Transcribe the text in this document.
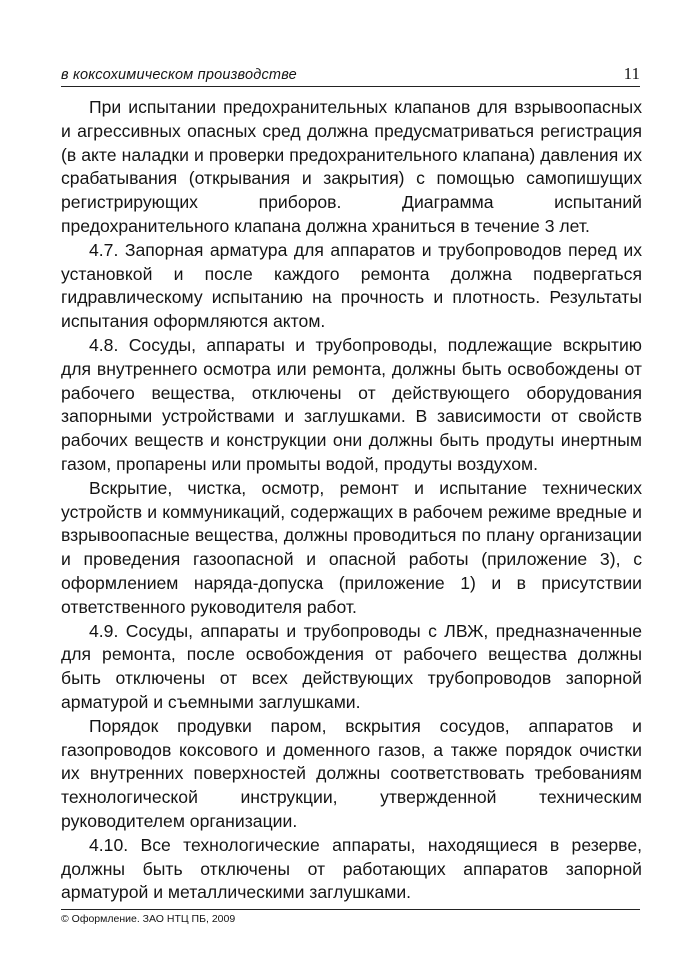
в коксохимическом производстве	11

При испытании предохранительных клапанов для взрывоопасных и агрессивных опасных сред должна предусматриваться регистрация (в акте наладки и проверки предохранительного клапана) давления их срабатывания (открывания и закрытия) с помощью самопишущих регистрирующих приборов. Диаграмма испытаний предохранительного клапана должна храниться в течение 3 лет.

4.7. Запорная арматура для аппаратов и трубопроводов перед их установкой и после каждого ремонта должна подвергаться гидравлическому испытанию на прочность и плотность. Результаты испытания оформляются актом.

4.8. Сосуды, аппараты и трубопроводы, подлежащие вскрытию для внутреннего осмотра или ремонта, должны быть освобождены от рабочего вещества, отключены от действующего оборудования запорными устройствами и заглушками. В зависимости от свойств рабочих веществ и конструкции они должны быть продуты инертным газом, пропарены или промыты водой, продуты воздухом.

Вскрытие, чистка, осмотр, ремонт и испытание технических устройств и коммуникаций, содержащих в рабочем режиме вредные и взрывоопасные вещества, должны проводиться по плану организации и проведения газоопасной и опасной работы (приложение 3), с оформлением наряда-допуска (приложение 1) и в присутствии ответственного руководителя работ.

4.9. Сосуды, аппараты и трубопроводы с ЛВЖ, предназначенные для ремонта, после освобождения от рабочего вещества должны быть отключены от всех действующих трубопроводов запорной арматурой и съемными заглушками.

Порядок продувки паром, вскрытия сосудов, аппаратов и газопроводов коксового и доменного газов, а также порядок очистки их внутренних поверхностей должны соответствовать требованиям технологической инструкции, утвержденной техническим руководителем организации.

4.10. Все технологические аппараты, находящиеся в резерве, должны быть отключены от работающих аппаратов запорной арматурой и металлическими заглушками.

© Оформление. ЗАО НТЦ ПБ, 2009
